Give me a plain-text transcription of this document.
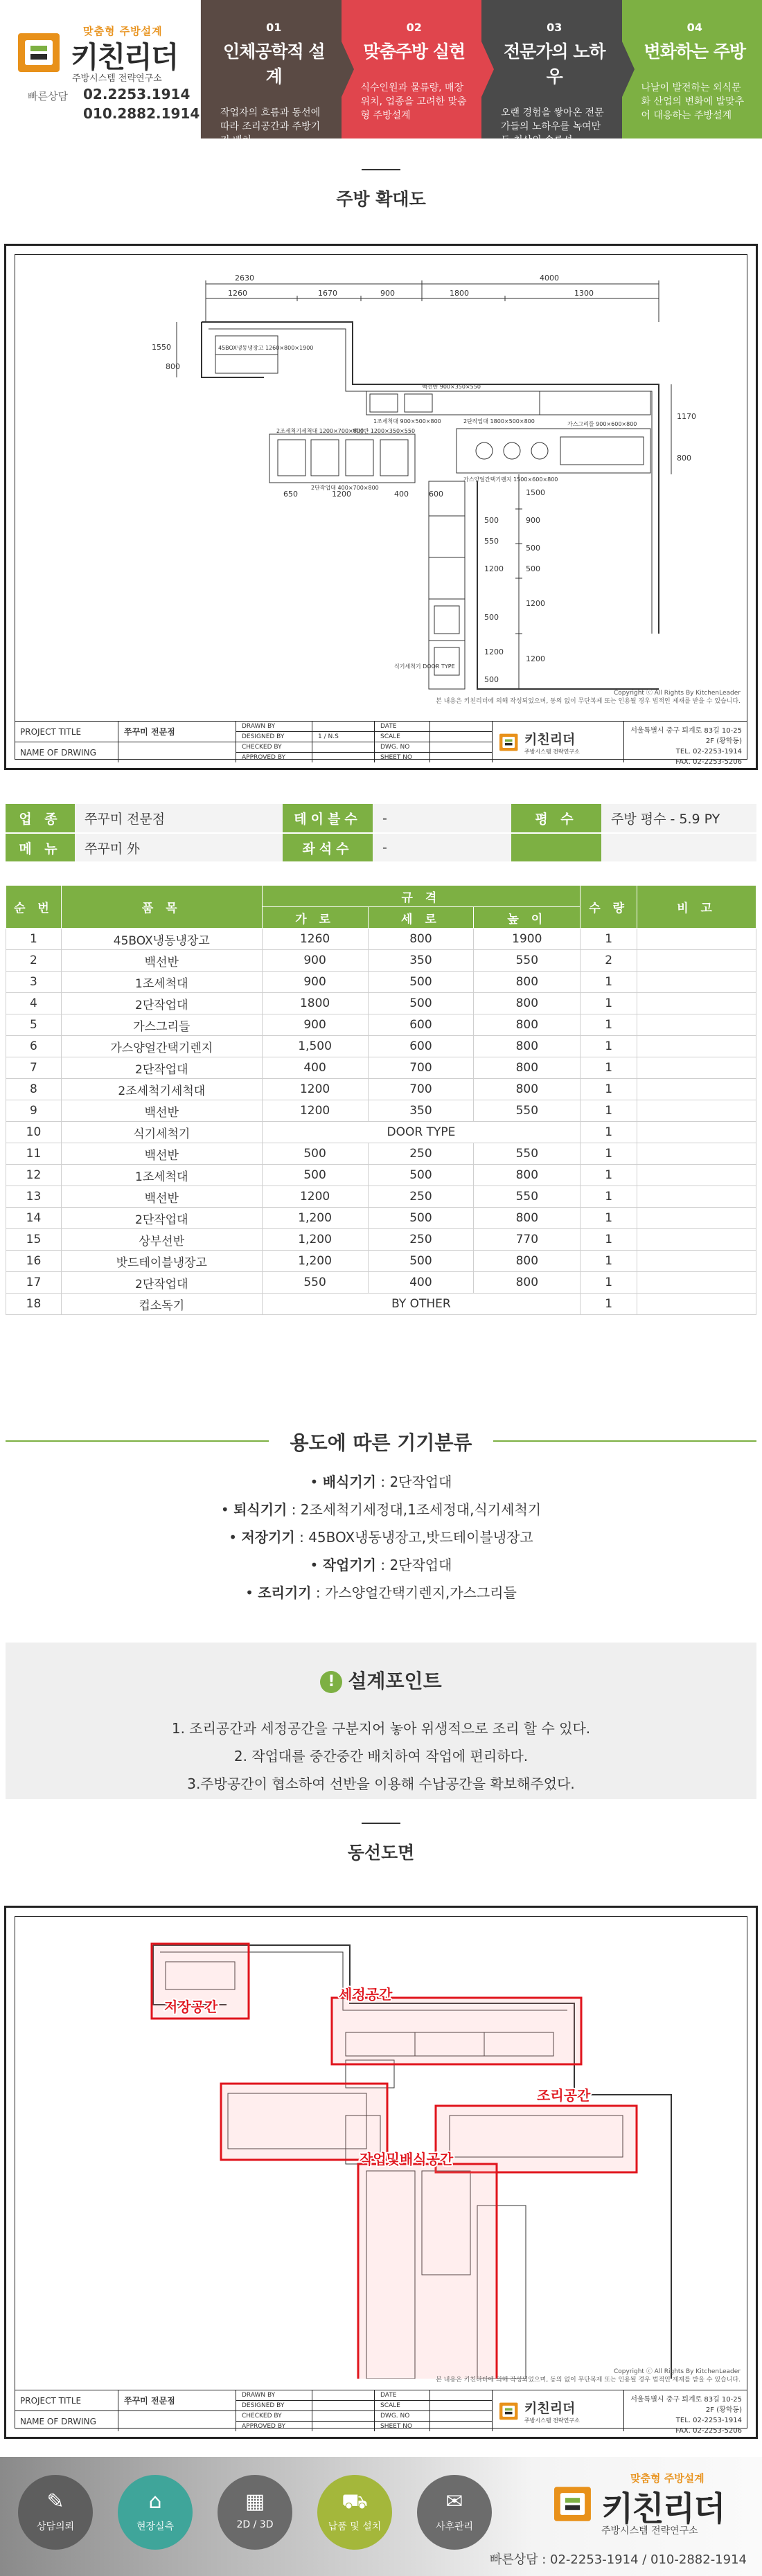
맞춤형 주방설계
키친리더
주방시스템 전략연구소
빠른상담 02.2253.1914
010.2882.1914
01
인체공학적 설계
작업자의 흐름과 동선에 따라 조리공간과 주방기기 배치
02
맞춤주방 실현
식수인원과 물류량, 매장위치, 업종을 고려한 맞춤형 주방설계
03
전문가의 노하우
오랜 경험을 쌓아온 전문가들의 노하우를 녹여만든 최상의 솔루션
04
변화하는 주방
나날이 발전하는 외식문화 산업의 변화에 발맞추어 대응하는 주방설계
주방 확대도
2630	4000
1260	1670	900	1800	1300
1550
800
1170
800
650	1200	400	600	1500
900
500
500
1200
1200
500
550
1200
500
1200
500
45BOX냉동냉장고 1260×800×1900
백선반 900×350×550
1조세척대 900×500×800	2단작업대 1800×500×800	가스그리들 900×600×800
가스양얼간택기렌지 1500×600×800
2조세척기세척대 1200×700×800
2단작업대 400×700×800
백선반 1200×350×550
식기세척기 DOOR TYPE
Copyright ⓒ All Rights By KitchenLeader
본 내용은 키친리더에 의해 작성되었으며, 동의 없이 무단복제 또는 인용될 경우 법적인 제재를 받을 수 있습니다.
PROJECT TITLE
NAME OF DRWING
쭈꾸미 전문점
DRAWN BY
DESIGNED BY
CHECKED BY
APPROVED BY
1 / N.S
DATE
SCALE
DWG. NO
SHEET NO
키친리더
주방시스템 전략연구소
서울특별시 중구 퇴계로 83길 10-25 2F (황학동)
TEL. 02-2253-1914
FAX. 02-2253-5206
업 종	쭈꾸미 전문점	테이블수	-	평 수	주방 평수 - 5.9 PY
메 뉴	쭈꾸미 外	좌석수	-		
순 번	품 목	규 격			수 량	비 고
		가 로	세 로	높 이		
1	45BOX냉동냉장고	1260	800	1900	1	
2	백선반	900	350	550	2	
3	1조세척대	900	500	800	1	
4	2단작업대	1800	500	800	1	
5	가스그리들	900	600	800	1	
6	가스양얼간택기렌지	1,500	600	800	1	
7	2단작업대	400	700	800	1	
8	2조세척기세척대	1200	700	800	1	
9	백선반	1200	350	550	1	
10	식기세척기	DOOR TYPE			1	
11	백선반	500	250	550	1	
12	1조세척대	500	500	800	1	
13	백선반	1200	250	550	1	
14	2단작업대	1,200	500	800	1	
15	상부선반	1,200	250	770	1	
16	밧드테이블냉장고	1,200	500	800	1	
17	2단작업대	550	400	800	1	
18	컵소독기	BY OTHER			1	
용도에 따른 기기분류
• 배식기기 : 2단작업대
• 퇴식기기 : 2조세척기세정대,1조세정대,식기세척기
• 저장기기 : 45BOX냉동냉장고,밧드테이블냉장고
• 작업기기 : 2단작업대
• 조리기기 : 가스양얼간택기렌지,가스그리들
! 설계포인트
1. 조리공간과 세정공간을 구분지어 놓아 위생적으로 조리 할 수 있다.
2. 작업대를 중간중간 배치하여 작업에 편리하다.
3.주방공간이 협소하여 선반을 이용해 수납공간을 확보해주었다.
동선도면
저장공간
세정공간
조리공간
작업및배식공간
Copyright ⓒ All Rights By KitchenLeader
본 내용은 키친리더에 의해 작성되었으며, 동의 없이 무단복제 또는 인용될 경우 법적인 제재를 받을 수 있습니다.
PROJECT TITLE
NAME OF DRWING
쭈꾸미 전문점
DRAWN BY
DESIGNED BY
CHECKED BY
APPROVED BY
DATE
SCALE
DWG. NO
SHEET NO
키친리더
주방시스템 전략연구소
서울특별시 중구 퇴계로 83길 10-25 2F (황학동)
TEL. 02-2253-1914
FAX. 02-2253-5206
✎
상담의뢰
⌂
현장실측
▦
2D / 3D
⛟
납품 및 설치
✉
사후관리
맞춤형 주방설계
키친리더
주방시스템 전략연구소
빠른상담 : 02-2253-1914 / 010-2882-1914
